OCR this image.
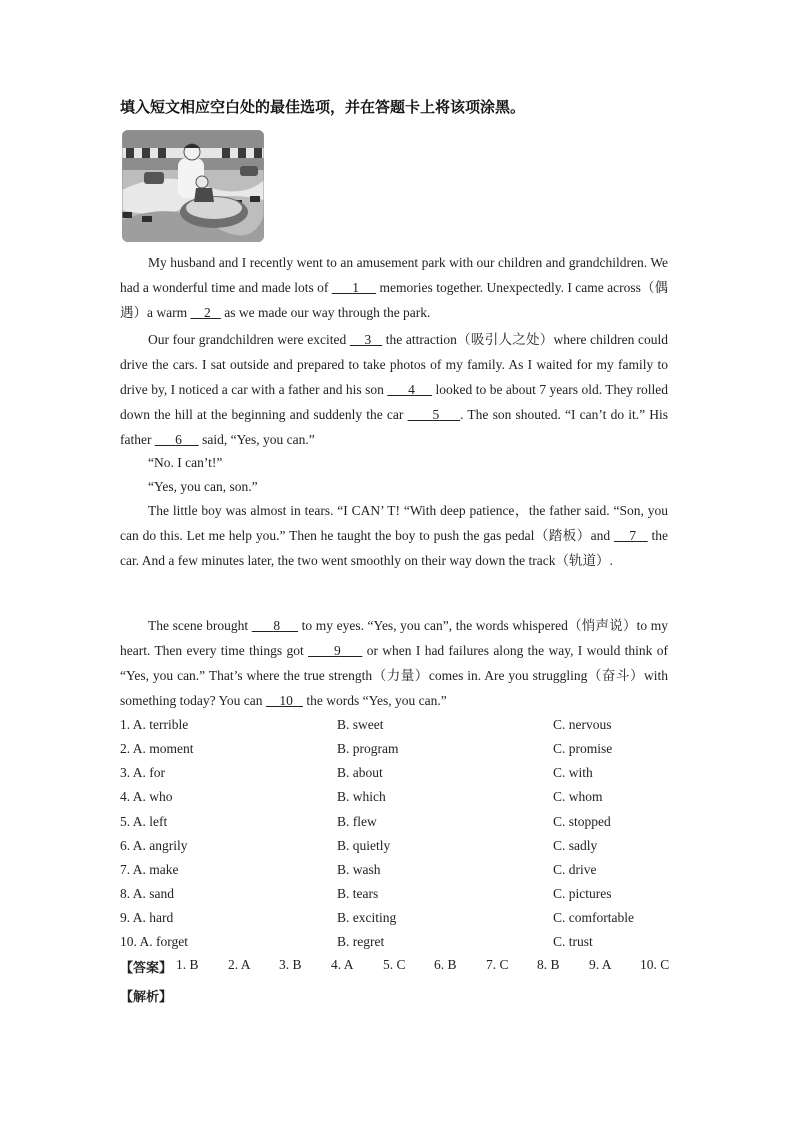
填入短文相应空白处的最佳选项，并在答题卡上将该项涂黑。
My husband and I recently went to an amusement park with our children and grandchildren. We had a wonderful time and made lots of       1      memories together. Unexpectedly. I came across（偶遇）a warm     2    as we made our way through the park.
Our four grandchildren were excited     3    the attraction（吸引人之处）where children could drive the cars. I sat outside and prepared to take photos of my family. As I waited for my family to drive by, I noticed a car with a father and his son       4      looked to be about 7 years old. They rolled down the hill at the beginning and suddenly the car       5 . The son shouted. “I can’t do it.” His father       6      said, “Yes, you can.”
“No. I can’t!”
“Yes, you can, son.”
The little boy was almost in tears. “I CAN’ T! “With deep patience，the father said. “Son, you can do this. Let me help you.” Then he taught the boy to push the gas pedal（踏板）and     7    the car. And a few minutes later, the two went smoothly on their way down the track（轨道）.
The scene brought       8      to my eyes. “Yes, you can”, the words whispered（悄声说）to my heart. Then every time things got       9      or when I had failures along the way, I would think of “Yes, you can.” That’s where the true strength（力量）comes in. Are you struggling（奋斗）with something today? You can     10    the words “Yes, you can.”
1. A. terrible	B. sweet	C. nervous
2. A. moment	B. program	C. promise
3. A. for	B. about	C. with
4. A. who	B. which	C. whom
5. A. left	B. flew	C. stopped
6. A. angrily	B. quietly	C. sadly
7. A. make	B. wash	C. drive
8. A. sand	B. tears	C. pictures
9. A. hard	B. exciting	C. comfortable
10. A. forget	B. regret	C. trust
【答案】 1. B 2. A 3. B 4. A 5. C 6. B 7. C 8. B 9. A 10. C
【解析】
